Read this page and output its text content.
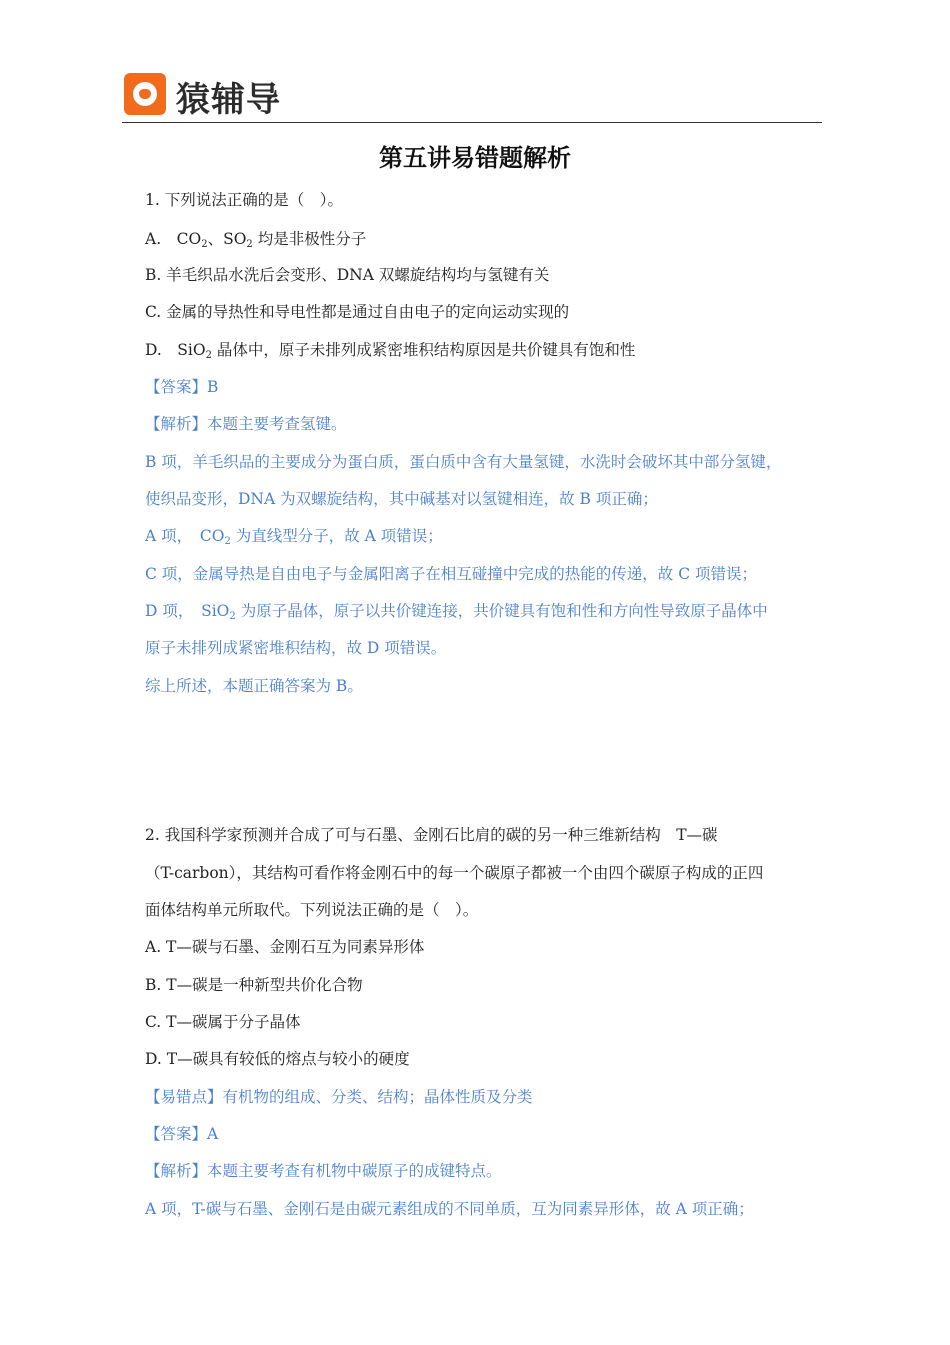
猿辅导
第五讲易错题解析
1. 下列说法正确的是（　）。
A.　$CO_2$、$SO_2$ 均是非极性分子
B. 羊毛织品水洗后会变形、DNA 双螺旋结构均与氢键有关
C. 金属的导热性和导电性都是通过自由电子的定向运动实现的
D.　SiO$_2$ 晶体中，原子未排列成紧密堆积结构原因是共价键具有饱和性
【答案】B
【解析】本题主要考查氢键。
B 项，羊毛织品的主要成分为蛋白质，蛋白质中含有大量氢键，水洗时会破坏其中部分氢键，
使织品变形，DNA 为双螺旋结构，其中碱基对以氢键相连，故 B 项正确；
A 项，　$CO_2$ 为直线型分子，故 A 项错误；
C 项，金属导热是自由电子与金属阳离子在相互碰撞中完成的热能的传递，故 C 项错误；
D 项，　SiO$_2$ 为原子晶体，原子以共价键连接，共价键具有饱和性和方向性导致原子晶体中
原子未排列成紧密堆积结构，故 D 项错误。
综上所述，本题正确答案为 B。
2. 我国科学家预测并合成了可与石墨、金刚石比肩的碳的另一种三维新结构　T—碳
（T-carbon），其结构可看作将金刚石中的每一个碳原子都被一个由四个碳原子构成的正四
面体结构单元所取代。下列说法正确的是（　）。
A. T—碳与石墨、金刚石互为同素异形体
B. T—碳是一种新型共价化合物
C. T—碳属于分子晶体
D. T—碳具有较低的熔点与较小的硬度
【易错点】有机物的组成、分类、结构；晶体性质及分类
【答案】A
【解析】本题主要考查有机物中碳原子的成键特点。
A 项，T-碳与石墨、金刚石是由碳元素组成的不同单质，互为同素异形体，故 A 项正确；
